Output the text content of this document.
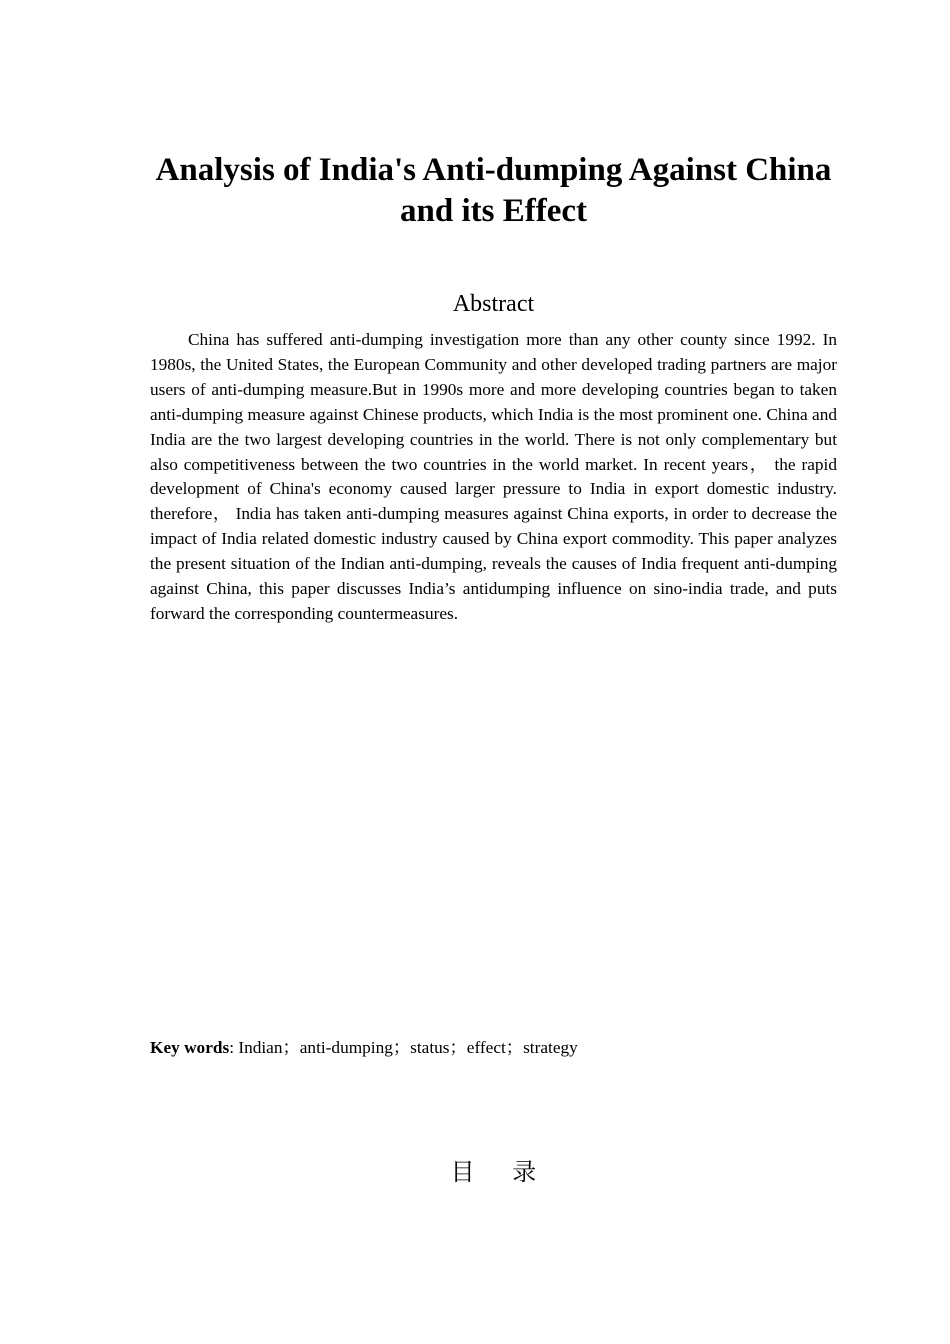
Analysis of India's Anti-dumping Against China and its Effect
Abstract

China has suffered anti-dumping investigation more than any other county since 1992. In 1980s, the United States, the European Community and other developed trading partners are major users of anti-dumping measure.But in 1990s more and more developing countries began to taken anti-dumping measure against Chinese products, which India is the most prominent one. China and India are the two largest developing countries in the world. There is not only complementary but also competitiveness between the two countries in the world market. In recent years， the rapid development of China's economy caused larger pressure to India in export domestic industry. therefore， India has taken anti-dumping measures against China exports, in order to decrease the impact of India related domestic industry caused by China export commodity. This paper analyzes the present situation of the Indian anti-dumping, reveals the causes of India frequent anti-dumping against China, this paper discusses India’s antidumping influence on sino-india trade, and puts forward the corresponding countermeasures.

Key words: Indian；anti-dumping；status；effect；strategy

目 录
